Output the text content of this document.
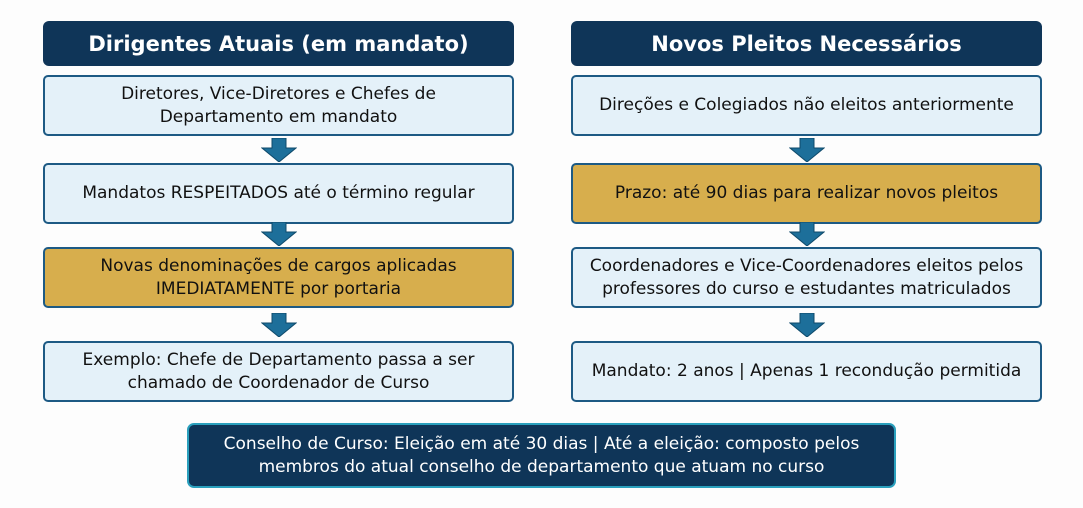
Dirigentes Atuais (em mandato)
Diretores, Vice-Diretores e Chefes de
Departamento em mandato
Mandatos RESPEITADOS até o término regular
Novas denominações de cargos aplicadas
IMEDIATAMENTE por portaria
Exemplo: Chefe de Departamento passa a ser
chamado de Coordenador de Curso
Novos Pleitos Necessários
Direções e Colegiados não eleitos anteriormente
Prazo: até 90 dias para realizar novos pleitos
Coordenadores e Vice-Coordenadores eleitos pelos
professores do curso e estudantes matriculados
Mandato: 2 anos | Apenas 1 recondução permitida
Conselho de Curso: Eleição em até 30 dias | Até a eleição: composto pelos
membros do atual conselho de departamento que atuam no curso
